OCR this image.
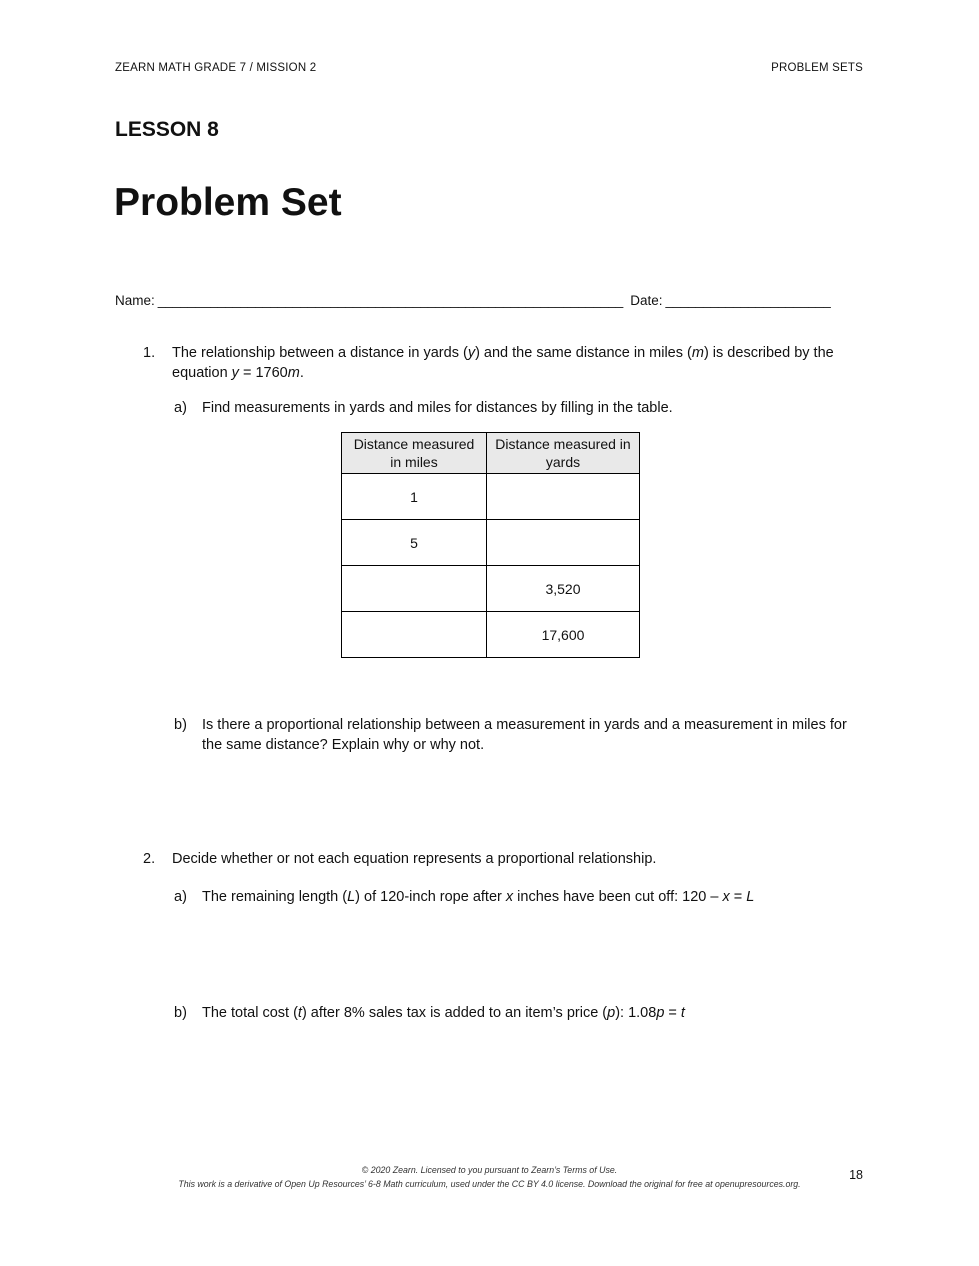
ZEARN MATH GRADE 7 / MISSION 2	PROBLEM SETS
LESSON 8
Problem Set
Name: ______________________________________________________________ Date: ______________________
1.	The relationship between a distance in yards (y) and the same distance in miles (m) is described by the equation y = 1760m.
a)	Find measurements in yards and miles for distances by filling in the table.
Distance measured in miles	Distance measured in yards
1	
5	
	3,520
	17,600
b)	Is there a proportional relationship between a measurement in yards and a measurement in miles for the same distance? Explain why or why not.
2.	Decide whether or not each equation represents a proportional relationship.
a)	The remaining length (L) of 120-inch rope after x inches have been cut off: 120 – x = L
b)	The total cost (t) after 8% sales tax is added to an item’s price (p): 1.08p = t
© 2020 Zearn. Licensed to you pursuant to Zearn’s Terms of Use.
This work is a derivative of Open Up Resources’ 6-8 Math curriculum, used under the CC BY 4.0 license. Download the original for free at openupresources.org.
18
